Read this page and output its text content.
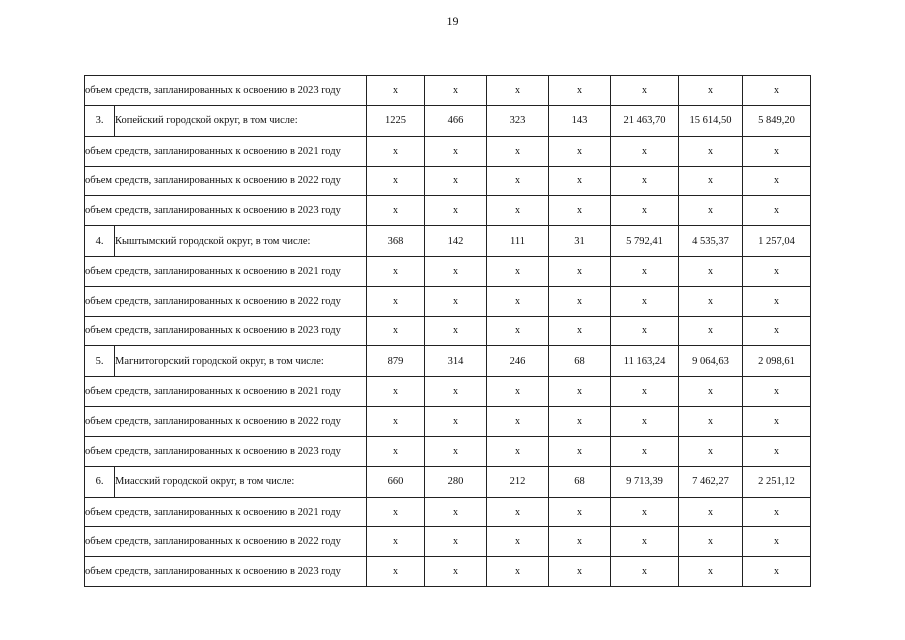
19
объем средств, запланированных к освоению в 2023 году		x	x	x	x	x	x	x
3.	Копейский городской округ, в том числе:	1225	466	323	143	21 463,70	15 614,50	5 849,20
объем средств, запланированных к освоению в 2021 году		x	x	x	x	x	x	x
объем средств, запланированных к освоению в 2022 году		x	x	x	x	x	x	x
объем средств, запланированных к освоению в 2023 году		x	x	x	x	x	x	x
4.	Кыштымский городской округ, в том числе:	368	142	111	31	5 792,41	4 535,37	1 257,04
объем средств, запланированных к освоению в 2021 году		x	x	x	x	x	x	x
объем средств, запланированных к освоению в 2022 году		x	x	x	x	x	x	x
объем средств, запланированных к освоению в 2023 году		x	x	x	x	x	x	x
5.	Магнитогорский городской округ, в том числе:	879	314	246	68	11 163,24	9 064,63	2 098,61
объем средств, запланированных к освоению в 2021 году		x	x	x	x	x	x	x
объем средств, запланированных к освоению в 2022 году		x	x	x	x	x	x	x
объем средств, запланированных к освоению в 2023 году		x	x	x	x	x	x	x
6.	Миасский городской округ, в том числе:	660	280	212	68	9 713,39	7 462,27	2 251,12
объем средств, запланированных к освоению в 2021 году		x	x	x	x	x	x	x
объем средств, запланированных к освоению в 2022 году		x	x	x	x	x	x	x
объем средств, запланированных к освоению в 2023 году		x	x	x	x	x	x	x
